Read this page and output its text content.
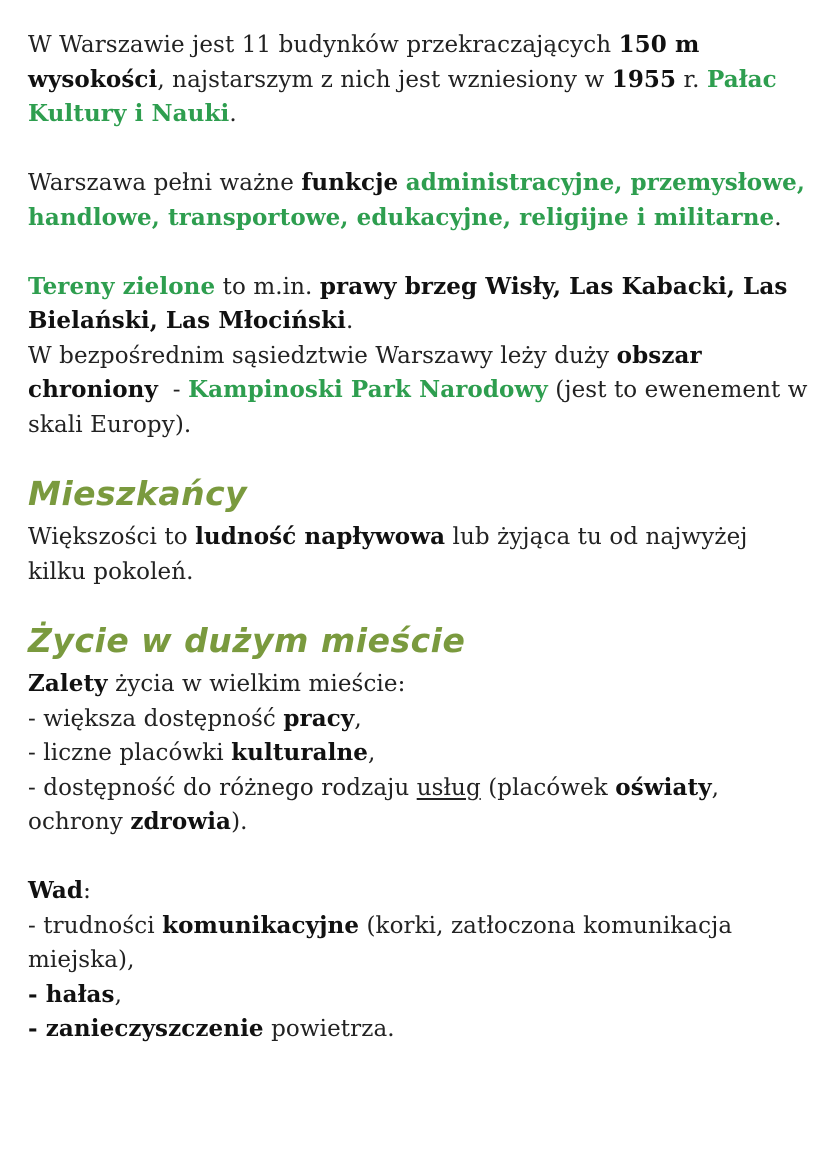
W Warszawie jest 11 budynków przekraczających 150 m wysokości, najstarszym z nich jest wzniesiony w 1955 r. Pałac Kultury i Nauki.

Warszawa pełni ważne funkcje administracyjne, przemysłowe, handlowe, transportowe, edukacyjne, religijne i militarne.

Tereny zielone to m.in. prawy brzeg Wisły, Las Kabacki, Las Bielański, Las Młociński.

W bezpośrednim sąsiedztwie Warszawy leży duży obszar chroniony  - Kampinoski Park Narodowy (jest to ewenement w skali Europy).

Mieszkańcy

Większości to ludność napływowa lub żyjąca tu od najwyżej kilku pokoleń.

Życie w dużym mieście

Zalety życia w wielkim mieście:

- większa dostępność pracy,

- liczne placówki kulturalne,

- dostępność do różnego rodzaju usług (placówek oświaty, ochrony zdrowia).

Wad:

- trudności komunikacyjne (korki, zatłoczona komunikacja miejska),

- hałas,

- zanieczyszczenie powietrza.
